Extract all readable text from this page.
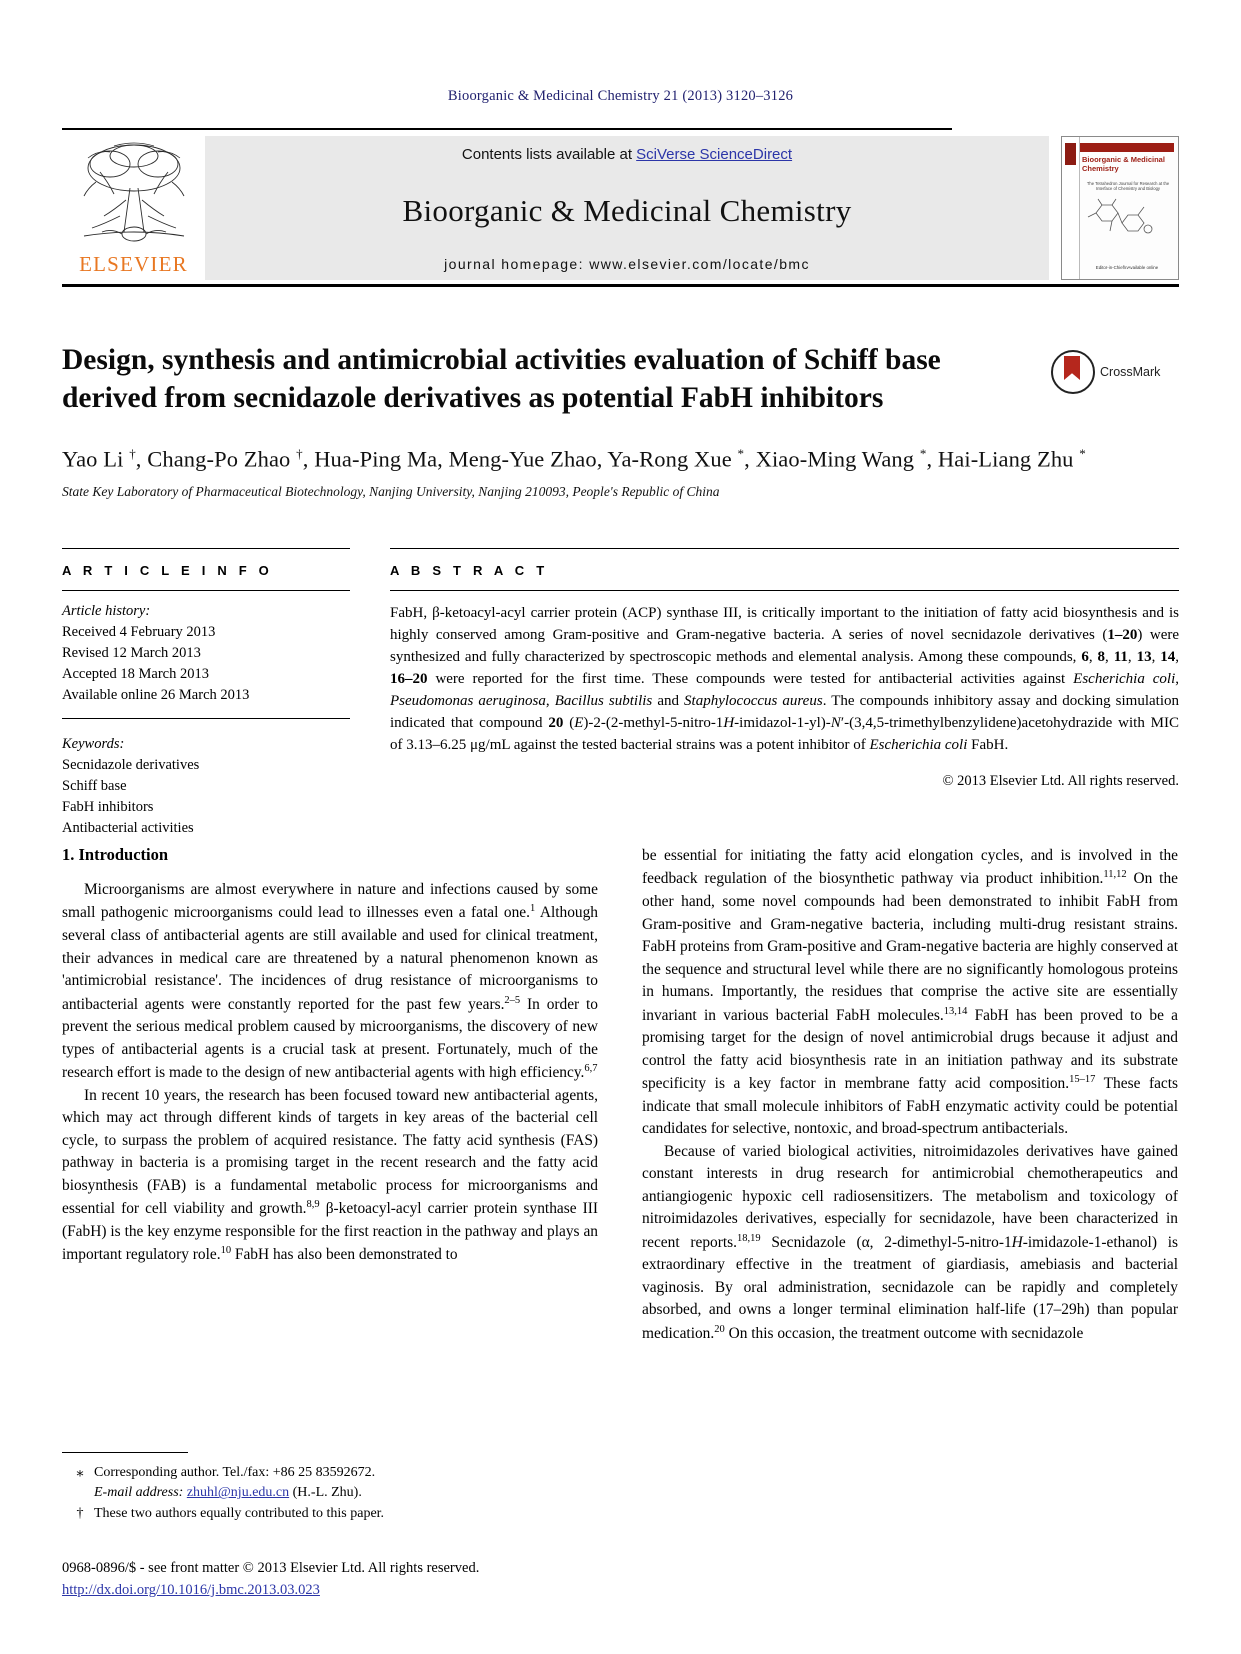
Bioorganic & Medicinal Chemistry 21 (2013) 3120–3126
ELSEVIER
Contents lists available at SciVerse ScienceDirect
Bioorganic & Medicinal Chemistry
journal homepage: www.elsevier.com/locate/bmc
Bioorganic & Medicinal Chemistry
The Tetrahedron Journal for Research at the Interface of Chemistry and Biology
Editor-in-Chief\nAvailable online
Design, synthesis and antimicrobial activities evaluation of Schiff base derived from secnidazole derivatives as potential FabH inhibitors
CrossMark
Yao Li †, Chang-Po Zhao †, Hua-Ping Ma, Meng-Yue Zhao, Ya-Rong Xue *, Xiao-Ming Wang *, Hai-Liang Zhu *
State Key Laboratory of Pharmaceutical Biotechnology, Nanjing University, Nanjing 210093, People's Republic of China
A R T I C L E I N F O
Article history:
Received 4 February 2013
Revised 12 March 2013
Accepted 18 March 2013
Available online 26 March 2013
Keywords:
Secnidazole derivatives
Schiff base
FabH inhibitors
Antibacterial activities
A B S T R A C T
FabH, β-ketoacyl-acyl carrier protein (ACP) synthase III, is critically important to the initiation of fatty acid biosynthesis and is highly conserved among Gram-positive and Gram-negative bacteria. A series of novel secnidazole derivatives (1–20) were synthesized and fully characterized by spectroscopic methods and elemental analysis. Among these compounds, 6, 8, 11, 13, 14, 16–20 were reported for the first time. These compounds were tested for antibacterial activities against Escherichia coli, Pseudomonas aeruginosa, Bacillus subtilis and Staphylococcus aureus. The compounds inhibitory assay and docking simulation indicated that compound 20 (E)-2-(2-methyl-5-nitro-1H-imidazol-1-yl)-N′-(3,4,5-trimethylbenzylidene)acetohydrazide with MIC of 3.13–6.25 μg/mL against the tested bacterial strains was a potent inhibitor of Escherichia coli FabH.
© 2013 Elsevier Ltd. All rights reserved.
1. Introduction

Microorganisms are almost everywhere in nature and infections caused by some small pathogenic microorganisms could lead to illnesses even a fatal one.$^1$ Although several class of antibacterial agents are still available and used for clinical treatment, their advances in medical care are threatened by a natural phenomenon known as 'antimicrobial resistance'. The incidences of drug resistance of microorganisms to antibacterial agents were constantly reported for the past few years.$^{2-5}$ In order to prevent the serious medical problem caused by microorganisms, the discovery of new types of antibacterial agents is a crucial task at present. Fortunately, much of the research effort is made to the design of new antibacterial agents with high efficiency.$^{6,7}$

In recent 10 years, the research has been focused toward new antibacterial agents, which may act through different kinds of targets in key areas of the bacterial cell cycle, to surpass the problem of acquired resistance. The fatty acid synthesis (FAS) pathway in bacteria is a promising target in the recent research and the fatty acid biosynthesis (FAB) is a fundamental metabolic process for microorganisms and essential for cell viability and growth.$^{8,9}$ β-ketoacyl-acyl carrier protein synthase III (FabH) is the key enzyme responsible for the first reaction in the pathway and plays an important regulatory role.$^{10}$ FabH has also been demonstrated to

be essential for initiating the fatty acid elongation cycles, and is involved in the feedback regulation of the biosynthetic pathway via product inhibition.$^{11,12}$ On the other hand, some novel compounds had been demonstrated to inhibit FabH from Gram-positive and Gram-negative bacteria, including multi-drug resistant strains. FabH proteins from Gram-positive and Gram-negative bacteria are highly conserved at the sequence and structural level while there are no significantly homologous proteins in humans. Importantly, the residues that comprise the active site are essentially invariant in various bacterial FabH molecules.$^{13,14}$ FabH has been proved to be a promising target for the design of novel antimicrobial drugs because it adjust and control the fatty acid biosynthesis rate in an initiation pathway and its substrate specificity is a key factor in membrane fatty acid composition.$^{15-17}$ These facts indicate that small molecule inhibitors of FabH enzymatic activity could be potential candidates for selective, nontoxic, and broad-spectrum antibacterials.

Because of varied biological activities, nitroimidazoles derivatives have gained constant interests in drug research for antimicrobial chemotherapeutics and antiangiogenic hypoxic cell radiosensitizers. The metabolism and toxicology of nitroimidazoles derivatives, especially for secnidazole, have been characterized in recent reports.$^{18,19}$ Secnidazole (α, 2-dimethyl-5-nitro-1H-imidazole-1-ethanol) is extraordinary effective in the treatment of giardiasis, amebiasis and bacterial vaginosis. By oral administration, secnidazole can be rapidly and completely absorbed, and owns a longer terminal elimination half-life (17–29h) than popular medication.$^{20}$ On this occasion, the treatment outcome with secnidazole

⁎ Corresponding author. Tel./fax: +86 25 83592672.
E-mail address: zhuhl@nju.edu.cn (H.-L. Zhu).
† These two authors equally contributed to this paper.
0968-0896/$ - see front matter © 2013 Elsevier Ltd. All rights reserved.
http://dx.doi.org/10.1016/j.bmc.2013.03.023
